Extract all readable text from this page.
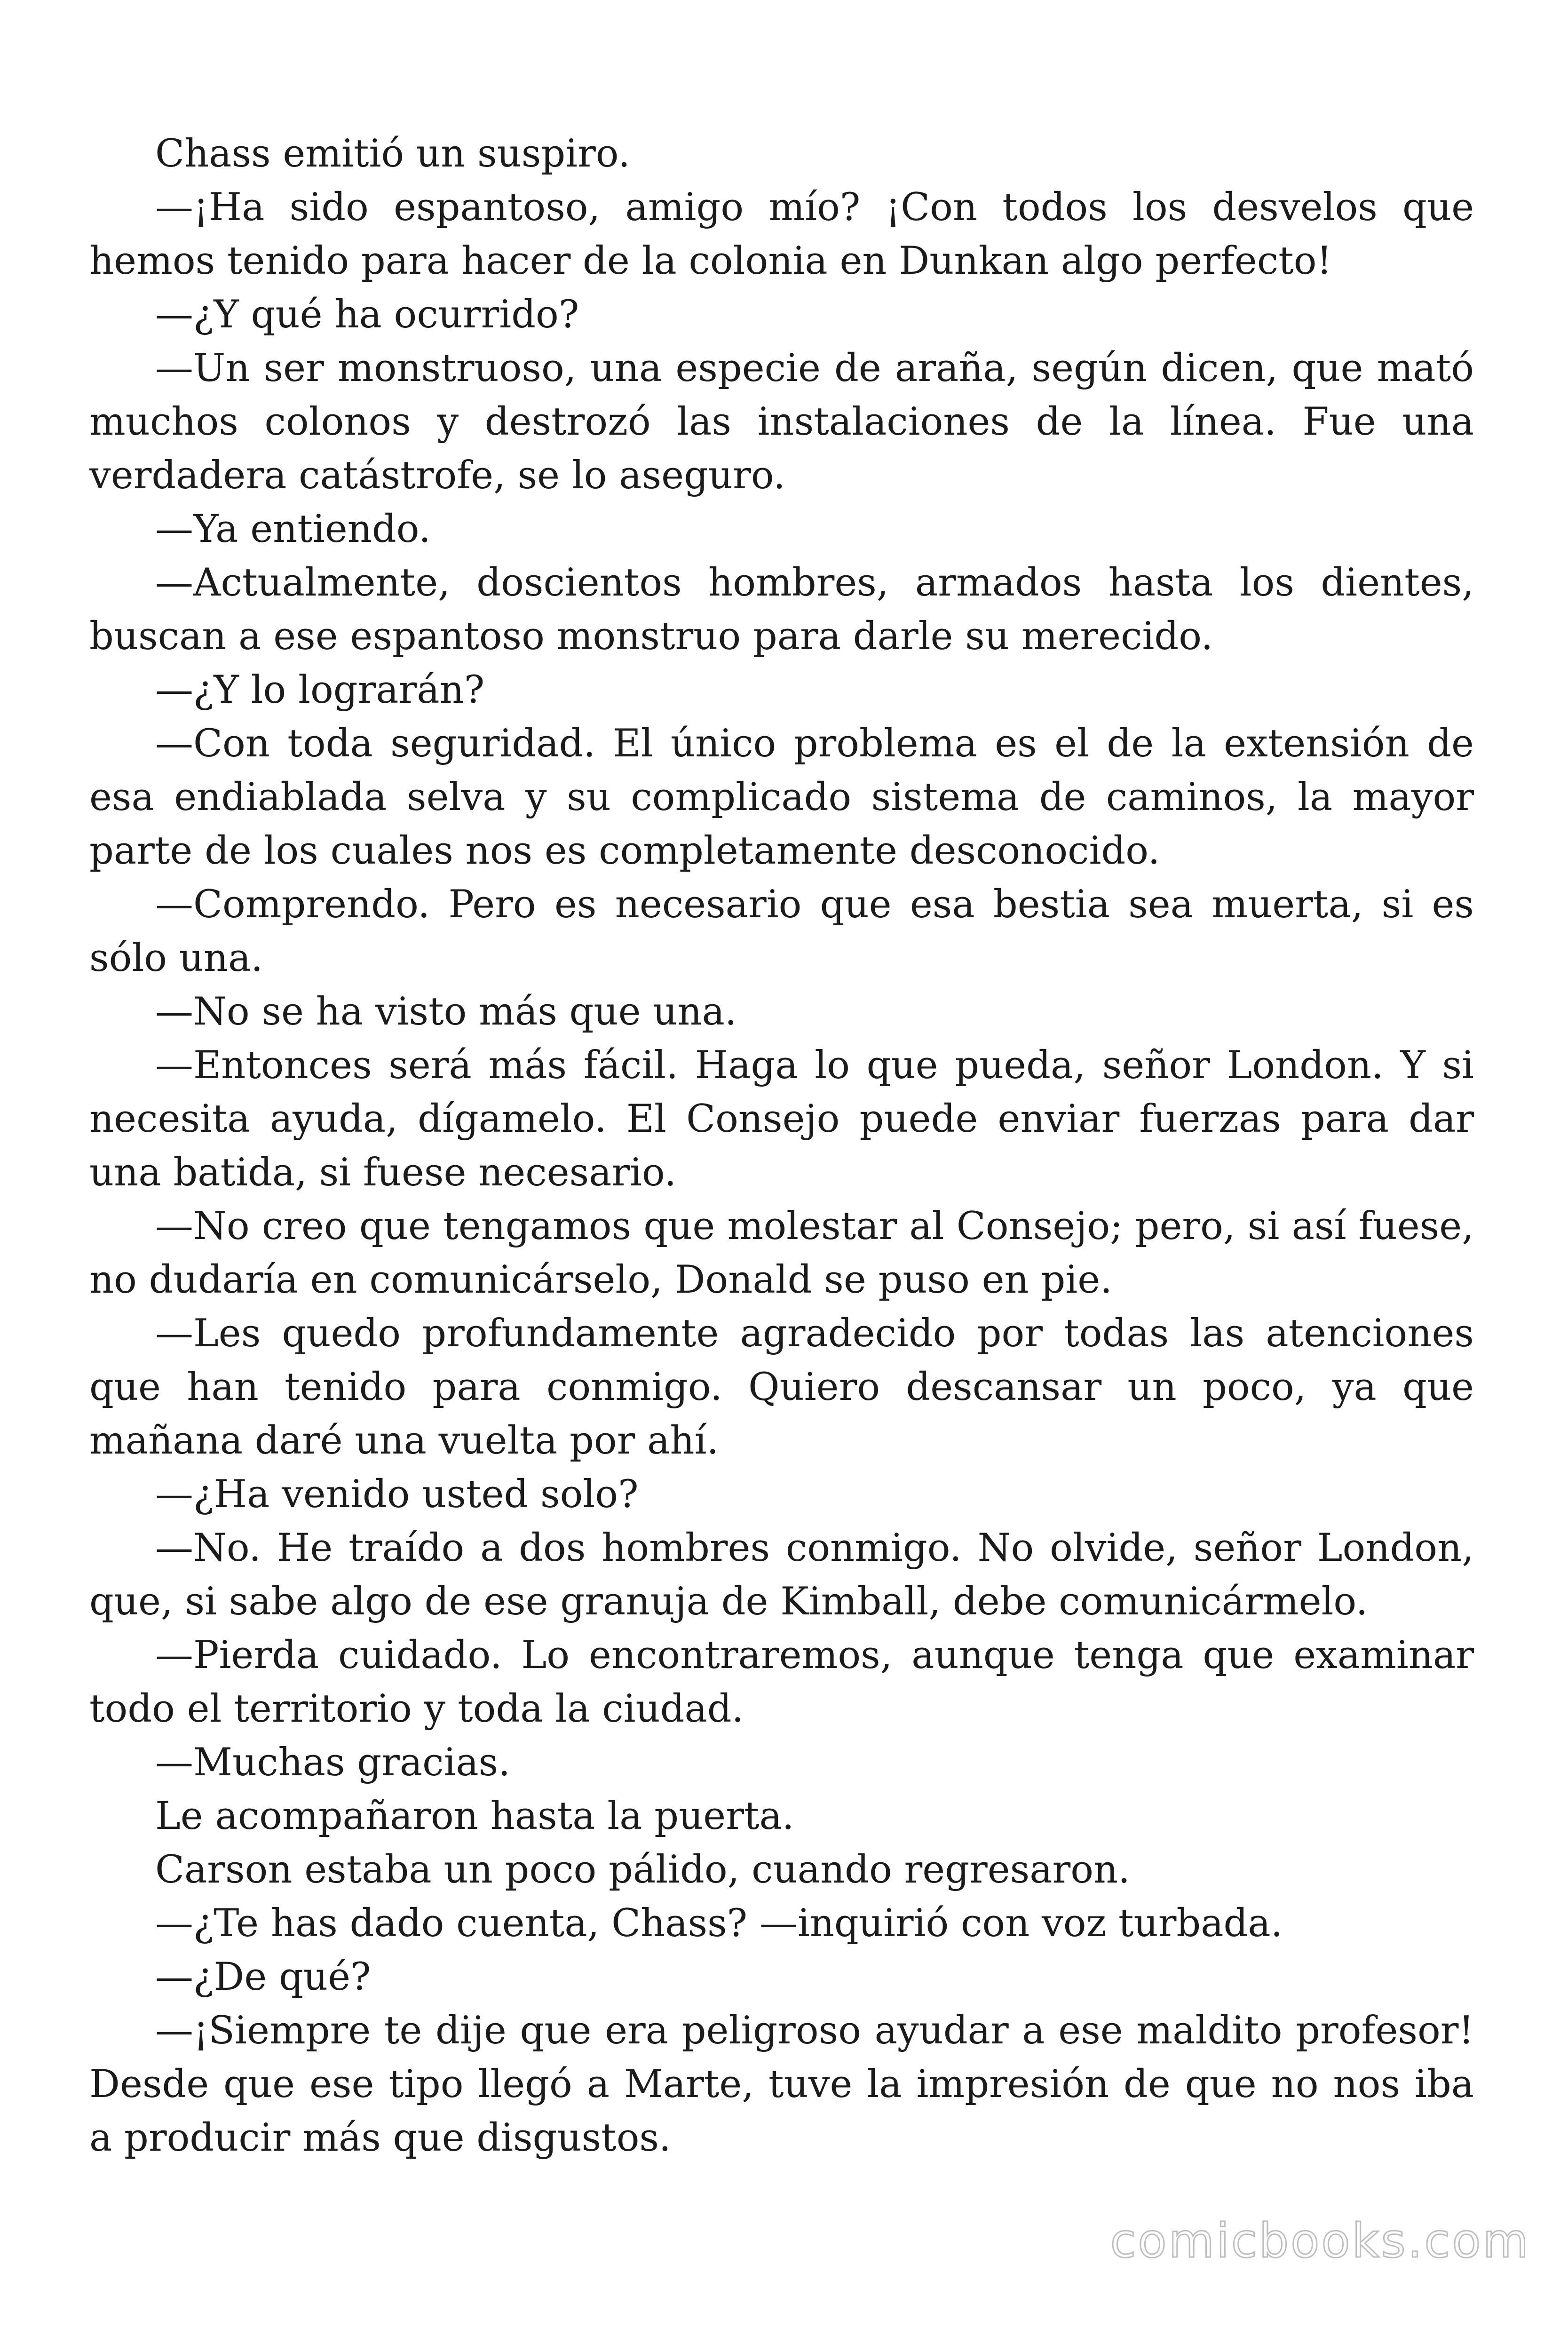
Chass emitió un suspiro.

—¡Ha sido espantoso, amigo mío? ¡Con todos los desvelos que hemos tenido para hacer de la colonia en Dunkan algo perfecto!

—¿Y qué ha ocurrido?

—Un ser monstruoso, una especie de araña, según dicen, que mató muchos colonos y destrozó las instalaciones de la línea. Fue una verdadera catástrofe, se lo aseguro.

—Ya entiendo.

—Actualmente, doscientos hombres, armados hasta los dientes, buscan a ese espantoso monstruo para darle su merecido.

—¿Y lo lograrán?

—Con toda seguridad. El único problema es el de la extensión de esa endiablada selva y su complicado sistema de caminos, la mayor parte de los cuales nos es completamente desconocido.

—Comprendo. Pero es necesario que esa bestia sea muerta, si es sólo una.

—No se ha visto más que una.

—Entonces será más fácil. Haga lo que pueda, señor London. Y si necesita ayuda, dígamelo. El Consejo puede enviar fuerzas para dar una batida, si fuese necesario.

—No creo que tengamos que molestar al Consejo; pero, si así fuese, no dudaría en comunicárselo, Donald se puso en pie.

—Les quedo profundamente agradecido por todas las atenciones que han tenido para conmigo. Quiero descansar un poco, ya que mañana daré una vuelta por ahí.

—¿Ha venido usted solo?

—No. He traído a dos hombres conmigo. No olvide, señor London, que, si sabe algo de ese granuja de Kimball, debe comunicármelo.

—Pierda cuidado. Lo encontraremos, aunque tenga que examinar todo el territorio y toda la ciudad.

—Muchas gracias.

Le acompañaron hasta la puerta.

Carson estaba un poco pálido, cuando regresaron.

—¿Te has dado cuenta, Chass? —inquirió con voz turbada.

—¿De qué?

—¡Siempre te dije que era peligroso ayudar a ese maldito profesor! Desde que ese tipo llegó a Marte, tuve la impresión de que no nos iba a producir más que disgustos.

comicbooks.com
